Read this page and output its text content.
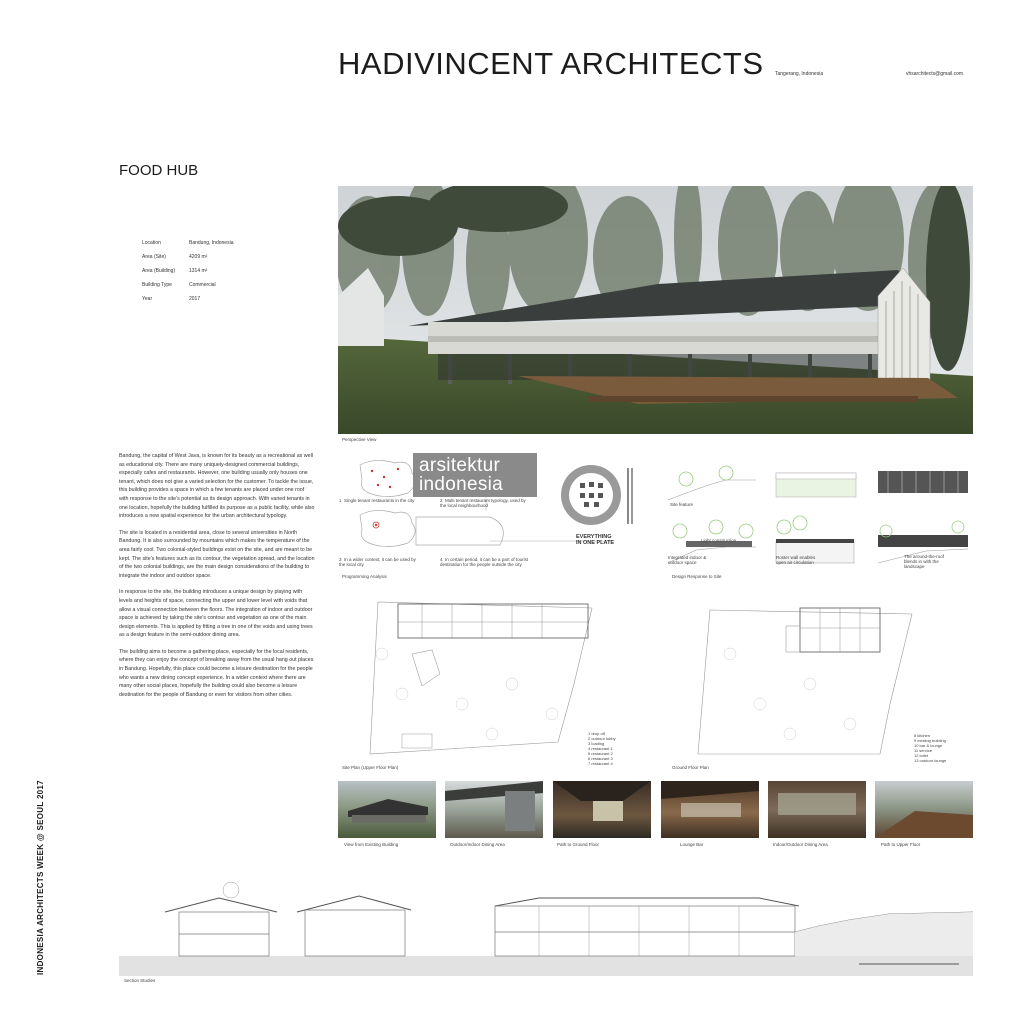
HADIVINCENT ARCHITECTS Tangerang, Indonesia	vhsarchitects@gmail.com
FOOD HUB
Location	Bandung, Indonesia
Area (Site)	4209 m²
Area (Building)	1314 m²
Building Type	Commercial
Year	2017
Perspective View

Bandung, the capital of West Java, is known for its beauty as a recreational as well as educational city. There are many uniquely-designed commercial buildings, especially cafes and restaurants. However, one building usually only houses one tenant, which does not give a varied selection for the customer. To tackle the issue, this building provides a space in which a few tenants are placed under one roof with response to the site's potential as its design approach. With varied tenants in one location, hopefully the building fulfilled its purpose as a public facility, while also introduces a new spatial experience for the urban architectural typology.

The site is located in a residential area, close to several universities in North Bandung. It is also surrounded by mountains which makes the temperature of the area fairly cool. Two colonial-styled buildings exist on the site, and are meant to be kept. The site's features such as its contour, the vegetation spread, and the location of the two colonial buildings, are the main design considerations of the building to integrate the indoor and outdoor space.

In response to the site, the building introduces a unique design by playing with levels and heights of space, connecting the upper and lower level with voids that allow a visual connection between the floors. The integration of indoor and outdoor space is achieved by taking the site's contour and vegetation as one of the main design elements. This is applied by fitting a tree in one of the voids and using trees as a design feature in the semi-outdoor dining area.

The building aims to become a gathering place, especially for the local residents, where they can enjoy the concept of breaking away from the usual hang out places in Bandung. Hopefully, this place could become a leisure destination for the people who wants a new dining concept experience. In a wider context where there are many other social places, hopefully the building could also become a leisure destination for the people of Bandung or even for visitors from other cities.

arsitektur
indonesia
EVERYTHING
IN ONE PLATE
1 Single tenant restaurants in the city	2 Multi tenant restaurant typology, used by the local neighbourhood
3 In a wider context, it can be used by the local city
4 In certain period, it can be a part of tourist destination for the people outside the city
Programming Analysis
Site feature
Integrated indoor & outdoor space
Light construction
Roster wall enables open air circulation
The around-the-roof blends in with the landscape
Design Response to Site
1 drop off
2 outdoor lobby
3 loading
4 restaurant 1
5 restaurant 2
6 restaurant 3
7 restaurant 4
Site Plan (Upper Floor Plan)
8 kitchen
9 existing building
10 bar & lounge
11 service
12 toilet
13 outdoor lounge
Ground Floor Plan
View from Existing Building	Outdoor/Indoor Dining Area	Path to Ground Floor	Lounge Bar	Indoor/Outdoor Dining Area	Path to Upper Floor
Section Studies
INDONESIA ARCHITECTS WEEK @ SEOUL 2017
